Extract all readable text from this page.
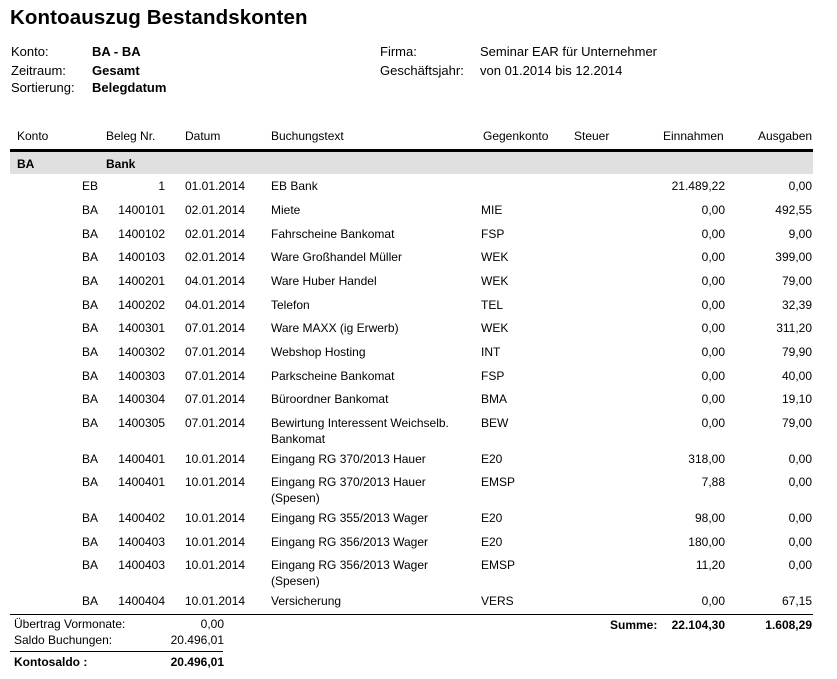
Kontoauszug Bestandskonten
Konto:	BA - BA
Zeitraum: Gesamt
Sortierung: Belegdatum
Firma:	Seminar EAR für Unternehmer
Geschäftsjahr: von 01.2014 bis 12.2014
Konto	Beleg Nr. Datum	Buchungstext	Gegenkonto Steuer	Einnahmen	Ausgaben
BA	Bank
EB	1 01.01.2014 EB Bank	21.489,22	0,00
BA	1400101 02.01.2014 Miete	MIE	0,00	492,55
BA	1400102 02.01.2014 Fahrscheine Bankomat	FSP	0,00	9,00
BA	1400103 02.01.2014 Ware Großhandel Müller	WEK	0,00	399,00
BA	1400201 04.01.2014 Ware Huber Handel	WEK	0,00	79,00
BA	1400202 04.01.2014 Telefon	TEL	0,00	32,39
BA	1400301 07.01.2014 Ware MAXX (ig Erwerb)	WEK	0,00	311,20
BA	1400302 07.01.2014 Webshop Hosting	INT	0,00	79,90
BA	1400303 07.01.2014 Parkscheine Bankomat	FSP	0,00	40,00
BA	1400304 07.01.2014 Büroordner Bankomat	BMA	0,00	19,10
BA	1400305 07.01.2014 Bewirtung Interessent Weichselb.	BEW	0,00	79,00
Bankomat
BA	1400401 10.01.2014 Eingang RG 370/2013 Hauer	E20	318,00	0,00
BA	1400401 10.01.2014 Eingang RG 370/2013 Hauer	EMSP	7,88	0,00
(Spesen)
BA	1400402 10.01.2014 Eingang RG 355/2013 Wager	E20	98,00	0,00
BA	1400403 10.01.2014 Eingang RG 356/2013 Wager	E20	180,00	0,00
BA	1400403 10.01.2014 Eingang RG 356/2013 Wager	EMSP	11,20	0,00
(Spesen)
BA	1400404 10.01.2014 Versicherung	VERS	0,00	67,15
Übertrag Vormonate:	0,00
Saldo Buchungen:	20.496,01
Kontosaldo :	20.496,01
Summe:	22.104,30	1.608,29
